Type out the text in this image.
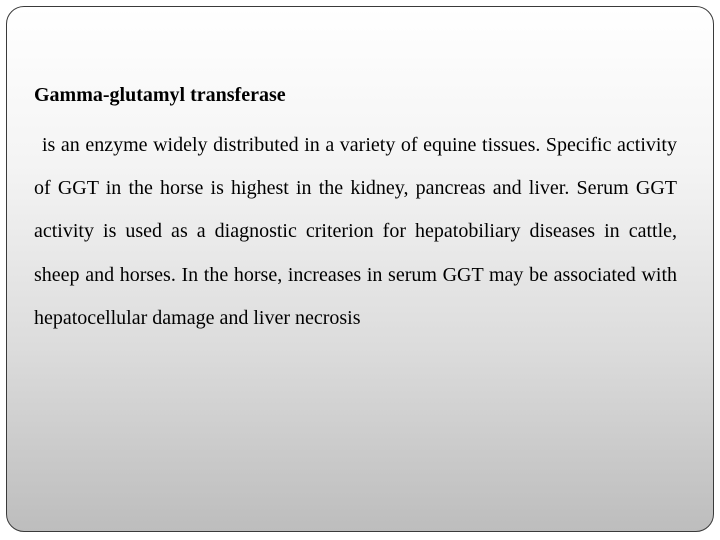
Gamma-glutamyl transferase

is an enzyme widely distributed in a variety of equine tissues. Specific activity of GGT in the horse is highest in the kidney, pancreas and liver. Serum GGT activity is used as a diagnostic criterion for hepatobiliary diseases in cattle, sheep and horses. In the horse, increases in serum GGT may be associated with hepatocellular damage and liver necrosis
